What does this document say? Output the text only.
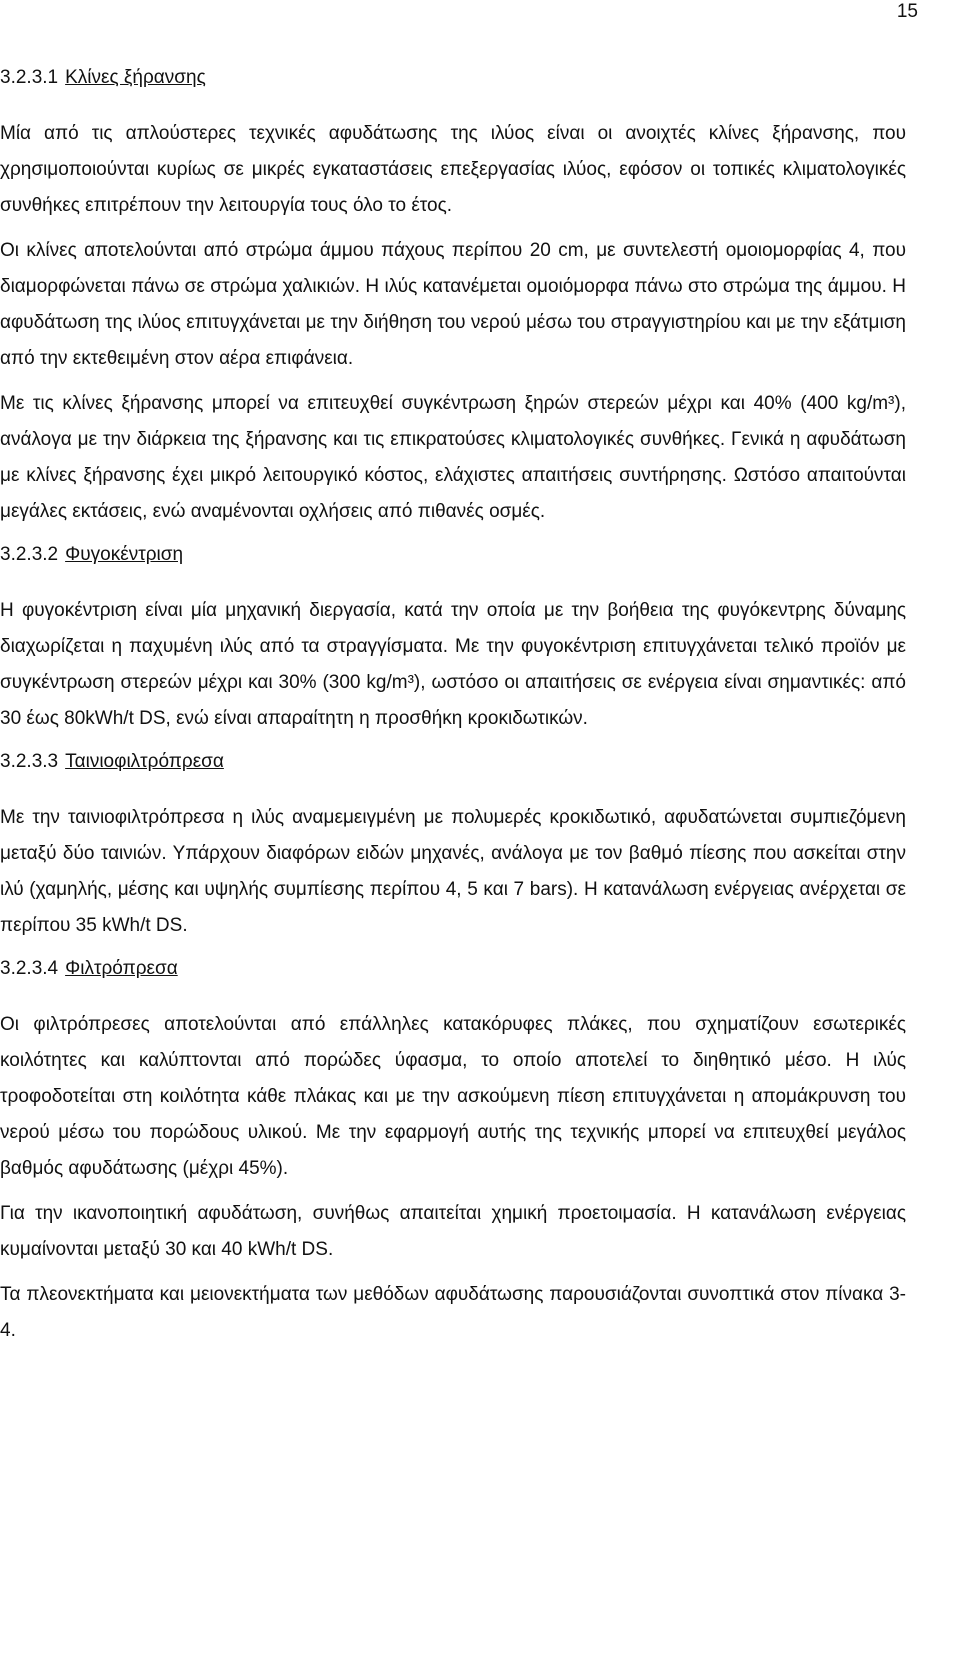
15
3.2.3.1 Κλίνες ξήρανσης

Μία από τις απλούστερες τεχνικές αφυδάτωσης της ιλύος είναι οι ανοιχτές κλίνες ξήρανσης, που χρησιμοποιούνται κυρίως σε μικρές εγκαταστάσεις επεξεργασίας ιλύος, εφόσον οι τοπικές κλιματολογικές συνθήκες επιτρέπουν την λειτουργία τους όλο το έτος.

Οι κλίνες αποτελούνται από στρώμα άμμου πάχους περίπου 20 cm, με συντελεστή ομοιομορφίας 4, που διαμορφώνεται πάνω σε στρώμα χαλικιών. Η ιλύς κατανέμεται ομοιόμορφα πάνω στο στρώμα της άμμου. Η αφυδάτωση της ιλύος επιτυγχάνεται με την διήθηση του νερού μέσω του στραγγιστηρίου και με την εξάτμιση από την εκτεθειμένη στον αέρα επιφάνεια.

Με τις κλίνες ξήρανσης μπορεί να επιτευχθεί συγκέντρωση ξηρών στερεών μέχρι και 40% (400 kg/m³), ανάλογα με την διάρκεια της ξήρανσης και τις επικρατούσες κλιματολογικές συνθήκες. Γενικά η αφυδάτωση με κλίνες ξήρανσης έχει μικρό λειτουργικό κόστος, ελάχιστες απαιτήσεις συντήρησης. Ωστόσο απαιτούνται μεγάλες εκτάσεις, ενώ αναμένονται οχλήσεις από πιθανές οσμές.

3.2.3.2 Φυγοκέντριση

Η φυγοκέντριση είναι μία μηχανική διεργασία, κατά την οποία με την βοήθεια της φυγόκεντρης δύναμης διαχωρίζεται η παχυμένη ιλύς από τα στραγγίσματα. Με την φυγοκέντριση επιτυγχάνεται τελικό προϊόν με συγκέντρωση στερεών μέχρι και 30% (300 kg/m³), ωστόσο οι απαιτήσεις σε ενέργεια είναι σημαντικές: από 30 έως 80kWh/t DS, ενώ είναι απαραίτητη η προσθήκη κροκιδωτικών.

3.2.3.3 Ταινιοφιλτρόπρεσα

Με την ταινιοφιλτρόπρεσα η ιλύς αναμεμειγμένη με πολυμερές κροκιδωτικό, αφυδατώνεται συμπιεζόμενη μεταξύ δύο ταινιών. Υπάρχουν διαφόρων ειδών μηχανές, ανάλογα με τον βαθμό πίεσης που ασκείται στην ιλύ (χαμηλής, μέσης και υψηλής συμπίεσης περίπου 4, 5 και 7 bars). Η κατανάλωση ενέργειας ανέρχεται σε περίπου 35 kWh/t DS.

3.2.3.4 Φιλτρόπρεσα

Οι φιλτρόπρεσες αποτελούνται από επάλληλες κατακόρυφες πλάκες, που σχηματίζουν εσωτερικές κοιλότητες και καλύπτονται από πορώδες ύφασμα, το οποίο αποτελεί το διηθητικό μέσο. Η ιλύς τροφοδοτείται στη κοιλότητα κάθε πλάκας και με την ασκούμενη πίεση επιτυγχάνεται η απομάκρυνση του νερού μέσω του πορώδους υλικού. Με την εφαρμογή αυτής της τεχνικής μπορεί να επιτευχθεί μεγάλος βαθμός αφυδάτωσης (μέχρι 45%).

Για την ικανοποιητική αφυδάτωση, συνήθως απαιτείται χημική προετοιμασία. Η κατανάλωση ενέργειας κυμαίνονται μεταξύ 30 και 40 kWh/t DS.

Τα πλεονεκτήματα και μειονεκτήματα των μεθόδων αφυδάτωσης παρουσιάζονται συνοπτικά στον πίνακα 3-4.
